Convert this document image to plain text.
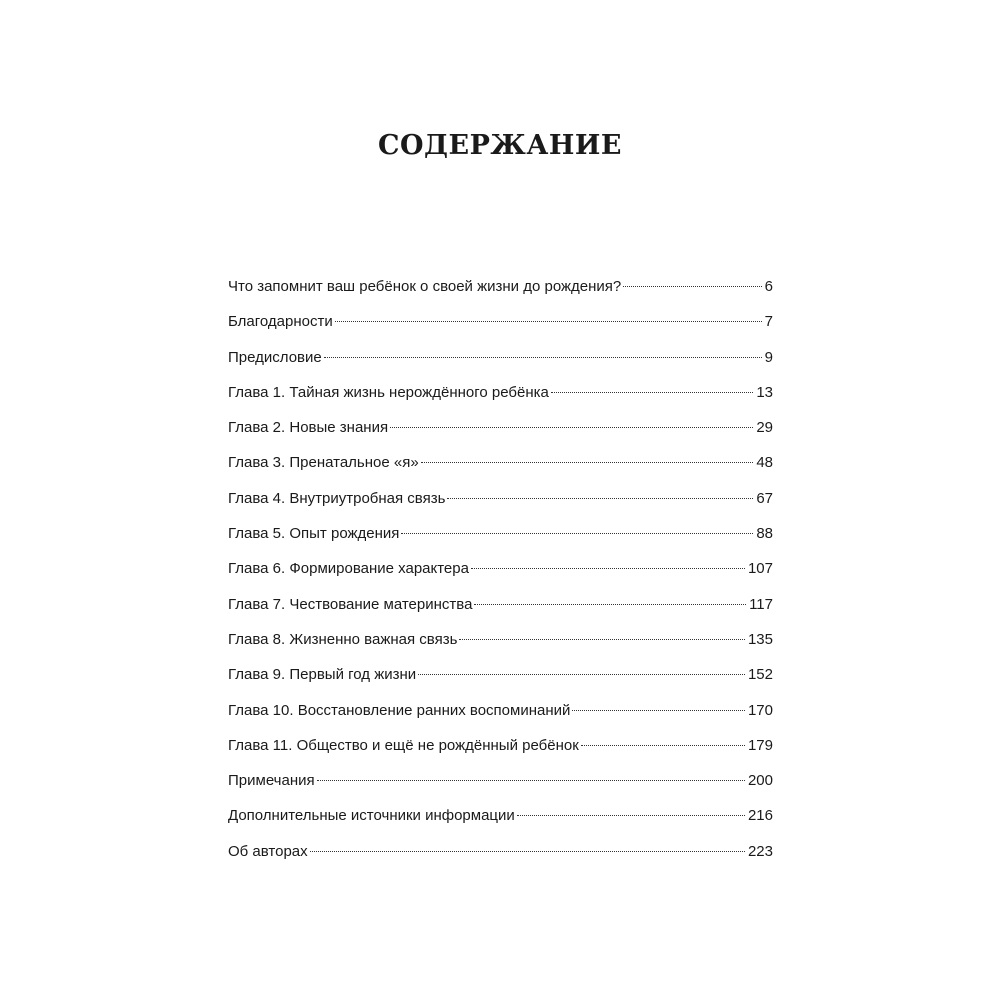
СОДЕРЖАНИЕ
Что запомнит ваш ребёнок о своей жизни до рождения?	6
Благодарности	7
Предисловие	9
Глава 1. Тайная жизнь нерождённого ребёнка	13
Глава 2. Новые знания	29
Глава 3. Пренатальное «я»	48
Глава 4. Внутриутробная связь	67
Глава 5. Опыт рождения	88
Глава 6. Формирование характера	107
Глава 7. Чествование материнства	117
Глава 8. Жизненно важная связь	135
Глава 9. Первый год жизни	152
Глава 10. Восстановление ранних воспоминаний	170
Глава 11. Общество и ещё не рождённый ребёнок	179
Примечания	200
Дополнительные источники информации	216
Об авторах	223
